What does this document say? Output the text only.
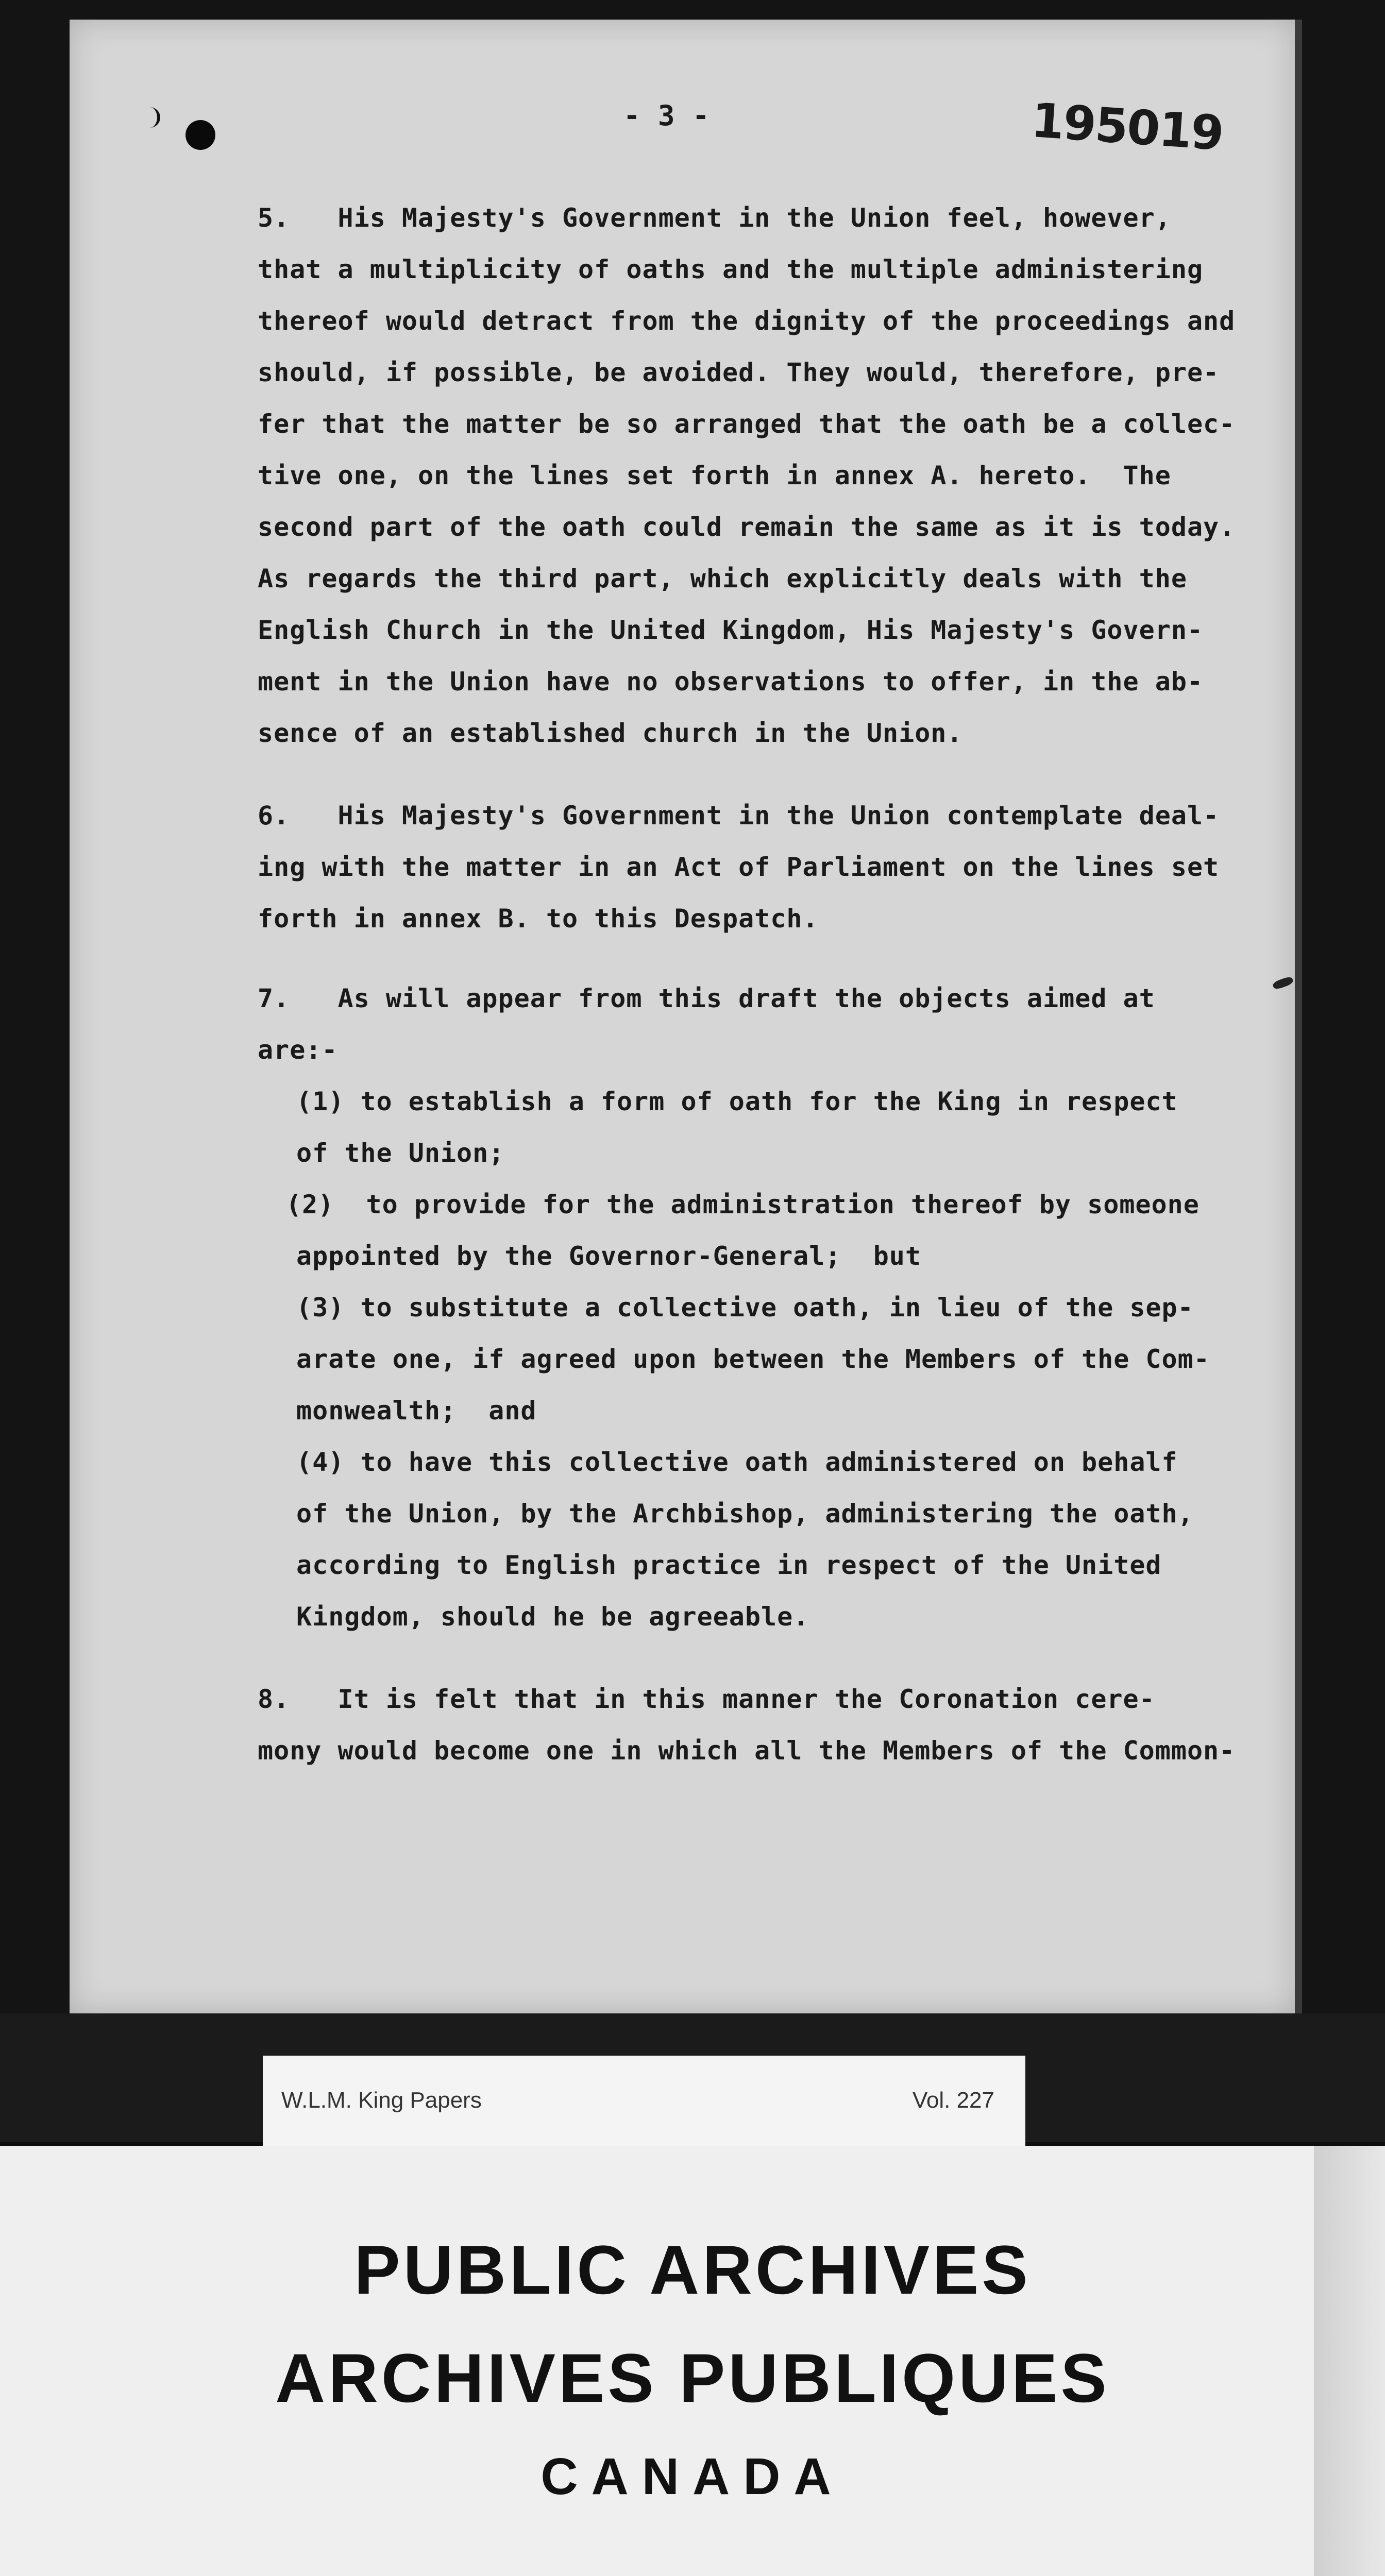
- 3 -	195019
5.   His Majesty's Government in the Union feel, however,
that a multiplicity of oaths and the multiple administering
thereof would detract from the dignity of the proceedings and
should, if possible, be avoided. They would, therefore, pre-
fer that the matter be so arranged that the oath be a collec-
tive one, on the lines set forth in annex A. hereto.  The
second part of the oath could remain the same as it is today.
As regards the third part, which explicitly deals with the
English Church in the United Kingdom, His Majesty's Govern-
ment in the Union have no observations to offer, in the ab-
sence of an established church in the Union.
6.   His Majesty's Government in the Union contemplate deal-
ing with the matter in an Act of Parliament on the lines set
forth in annex B. to this Despatch.
7.   As will appear from this draft the objects aimed at
are:-
(1) to establish a form of oath for the King in respect
of the Union;
(2)  to provide for the administration thereof by someone
appointed by the Governor-General;  but
(3) to substitute a collective oath, in lieu of the sep-
arate one, if agreed upon between the Members of the Com-
monwealth;  and
(4) to have this collective oath administered on behalf
of the Union, by the Archbishop, administering the oath,
according to English practice in respect of the United
Kingdom, should he be agreeable.
8.   It is felt that in this manner the Coronation cere-
mony would become one in which all the Members of the Common-
W.L.M. King Papers	Vol. 227
PUBLIC ARCHIVES
ARCHIVES PUBLIQUES
CANADA
